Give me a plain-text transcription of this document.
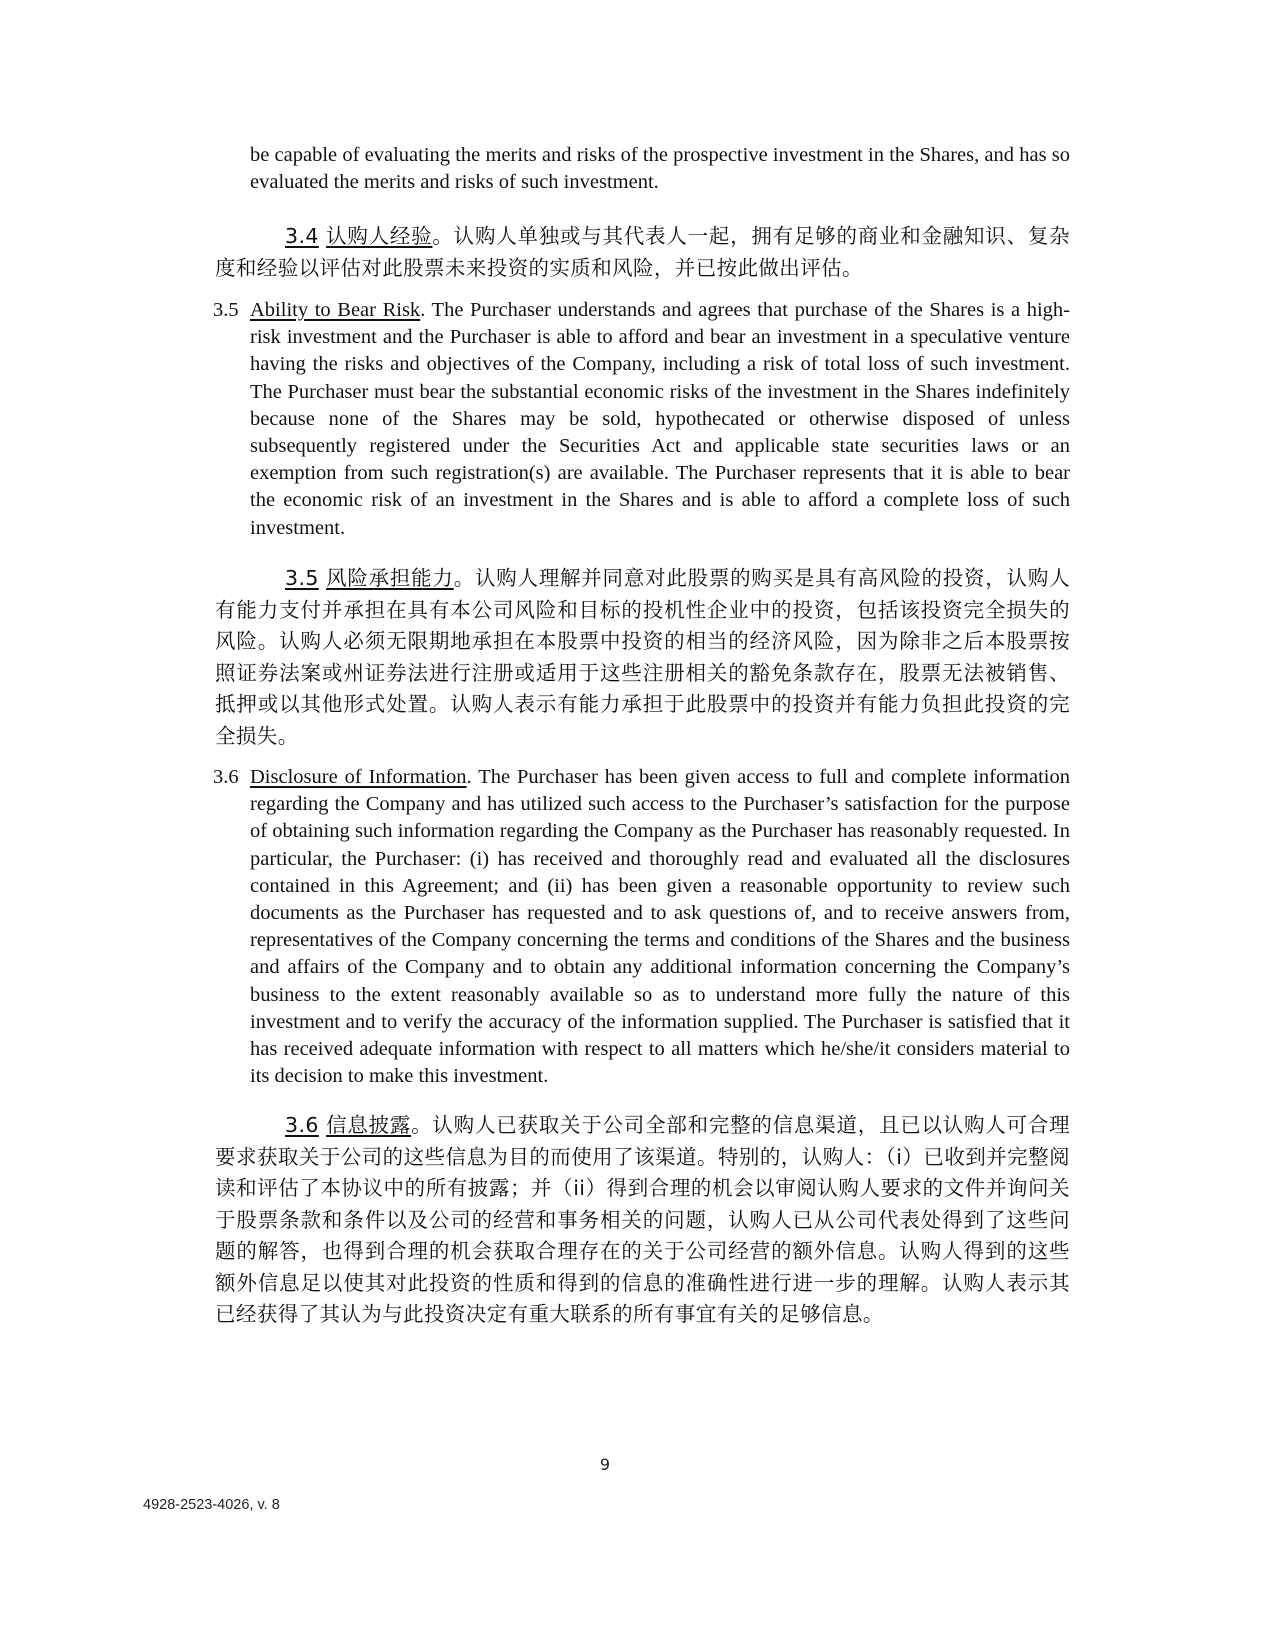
be capable of evaluating the merits and risks of the prospective investment in the Shares, and has so evaluated the merits and risks of such investment.
3.4 认购人经验。认购人单独或与其代表人一起，拥有足够的商业和金融知识、复杂度和经验以评估对此股票未来投资的实质和风险，并已按此做出评估。
3.5 Ability to Bear Risk. The Purchaser understands and agrees that purchase of the Shares is a high-risk investment and the Purchaser is able to afford and bear an investment in a speculative venture having the risks and objectives of the Company, including a risk of total loss of such investment. The Purchaser must bear the substantial economic risks of the investment in the Shares indefinitely because none of the Shares may be sold, hypothecated or otherwise disposed of unless subsequently registered under the Securities Act and applicable state securities laws or an exemption from such registration(s) are available. The Purchaser represents that it is able to bear the economic risk of an investment in the Shares and is able to afford a complete loss of such investment.
3.5 风险承担能力。认购人理解并同意对此股票的购买是具有高风险的投资，认购人有能力支付并承担在具有本公司风险和目标的投机性企业中的投资，包括该投资完全损失的风险。认购人必须无限期地承担在本股票中投资的相当的经济风险，因为除非之后本股票按照证券法案或州证券法进行注册或适用于这些注册相关的豁免条款存在，股票无法被销售、抵押或以其他形式处置。认购人表示有能力承担于此股票中的投资并有能力负担此投资的完全损失。
3.6 Disclosure of Information. The Purchaser has been given access to full and complete information regarding the Company and has utilized such access to the Purchaser’s satisfaction for the purpose of obtaining such information regarding the Company as the Purchaser has reasonably requested. In particular, the Purchaser: (i) has received and thoroughly read and evaluated all the disclosures contained in this Agreement; and (ii) has been given a reasonable opportunity to review such documents as the Purchaser has requested and to ask questions of, and to receive answers from, representatives of the Company concerning the terms and conditions of the Shares and the business and affairs of the Company and to obtain any additional information concerning the Company’s business to the extent reasonably available so as to understand more fully the nature of this investment and to verify the accuracy of the information supplied. The Purchaser is satisfied that it has received adequate information with respect to all matters which he/she/it considers material to its decision to make this investment.
3.6 信息披露。认购人已获取关于公司全部和完整的信息渠道，且已以认购人可合理要求获取关于公司的这些信息为目的而使用了该渠道。特别的，认购人：（i）已收到并完整阅读和评估了本协议中的所有披露；并（ii）得到合理的机会以审阅认购人要求的文件并询问关于股票条款和条件以及公司的经营和事务相关的问题，认购人已从公司代表处得到了这些问题的解答，也得到合理的机会获取合理存在的关于公司经营的额外信息。认购人得到的这些额外信息足以使其对此投资的性质和得到的信息的准确性进行进一步的理解。认购人表示其已经获得了其认为与此投资决定有重大联系的所有事宜有关的足够信息。
9
4928-2523-4026, v. 8
